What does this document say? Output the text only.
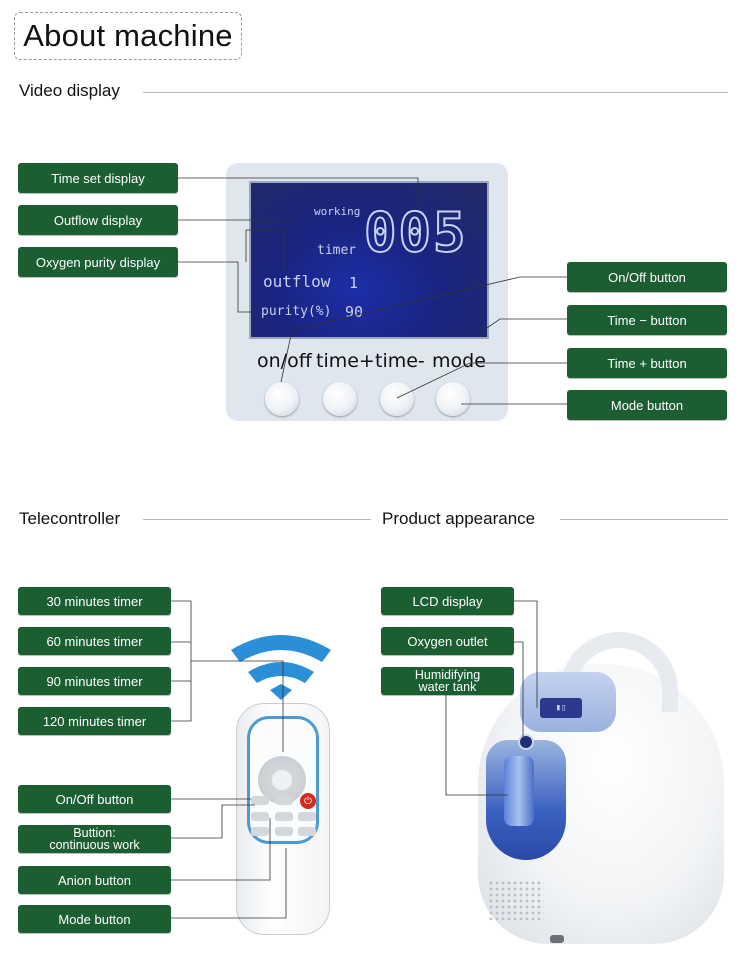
About machine
Video display
Telecontroller	Product appearance
working
timer 005
outflow 1
purity(%) 90
on/off time+ time- mode
⏻
▮▯
Time set display
Outflow display
Oxygen purity display
On/Off button
Time − button
Time + button
Mode button
30 minutes timer
60 minutes timer
90 minutes timer
120 minutes timer
On/Off button
Buttion:
continuous work
Anion button
Mode button
LCD display
Oxygen outlet
Humidifying
water tank
